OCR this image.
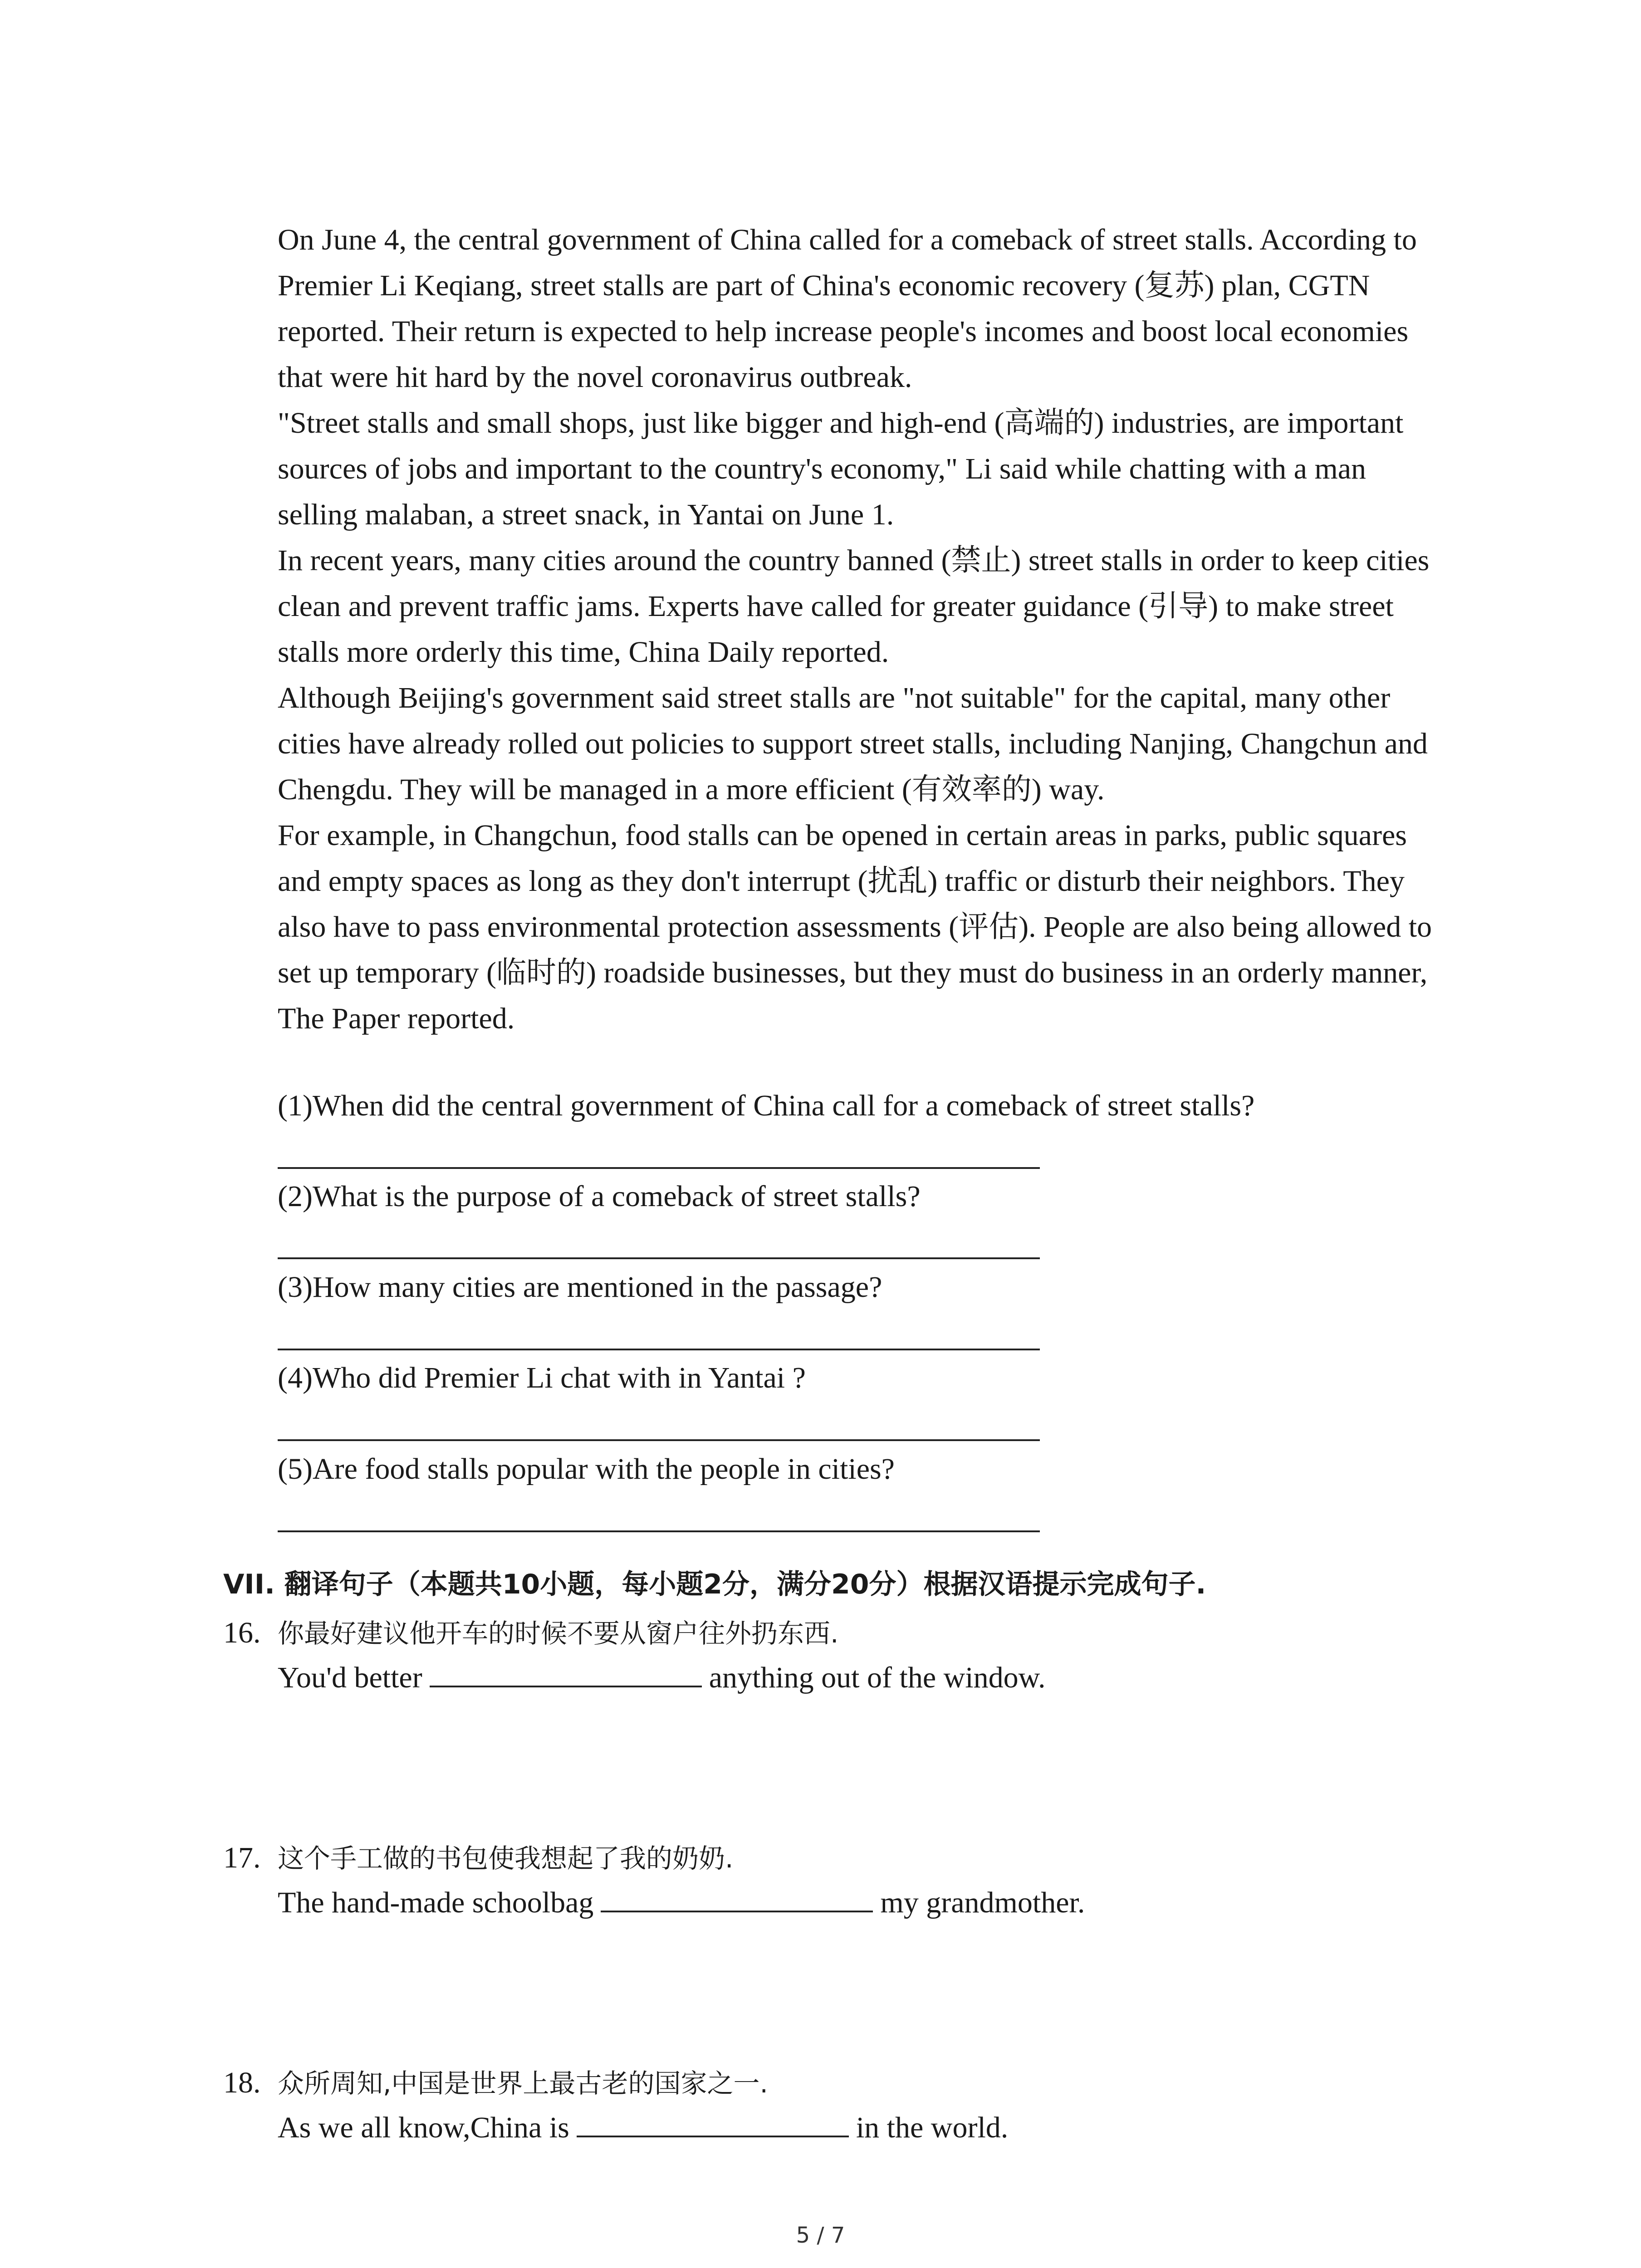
On June 4, the central government of China called for a comeback of street stalls. According to Premier Li Keqiang, street stalls are part of China's economic recovery (复苏) plan, CGTN reported. Their return is expected to help increase people's incomes and boost local economies that were hit hard by the novel coronavirus outbreak.

"Street stalls and small shops, just like bigger and high-end (高端的) industries, are important sources of jobs and important to the country's economy," Li said while chatting with a man selling malaban, a street snack, in Yantai on June 1.

In recent years, many cities around the country banned (禁止) street stalls in order to keep cities clean and prevent traffic jams. Experts have called for greater guidance (引导) to make street stalls more orderly this time, China Daily reported.

Although Beijing's government said street stalls are "not suitable" for the capital, many other cities have already rolled out policies to support street stalls, including Nanjing, Changchun and Chengdu. They will be managed in a more efficient (有效率的) way.

For example, in Changchun, food stalls can be opened in certain areas in parks, public squares and empty spaces as long as they don't interrupt (扰乱) traffic or disturb their neighbors. They also have to pass environmental protection assessments (评估). People are also being allowed to set up temporary (临时的) roadside businesses, but they must do business in an orderly manner, The Paper reported.

(1)When did the central government of China call for a comeback of street stalls?
(2)What is the purpose of a comeback of street stalls?
(3)How many cities are mentioned in the passage?
(4)Who did Premier Li chat with in Yantai ?
(5)Are food stalls popular with the people in cities?
VII. 翻译句子（本题共10小题，每小题2分，满分20分）根据汉语提示完成句子.
16. 你最好建议他开车的时候不要从窗户往外扔东西.
You'd better	anything out of the window.
17. 这个手工做的书包使我想起了我的奶奶.
The hand-made schoolbag	my grandmother.
18. 众所周知,中国是世界上最古老的国家之一.
As we all know,China is	in the world.
5 / 7
